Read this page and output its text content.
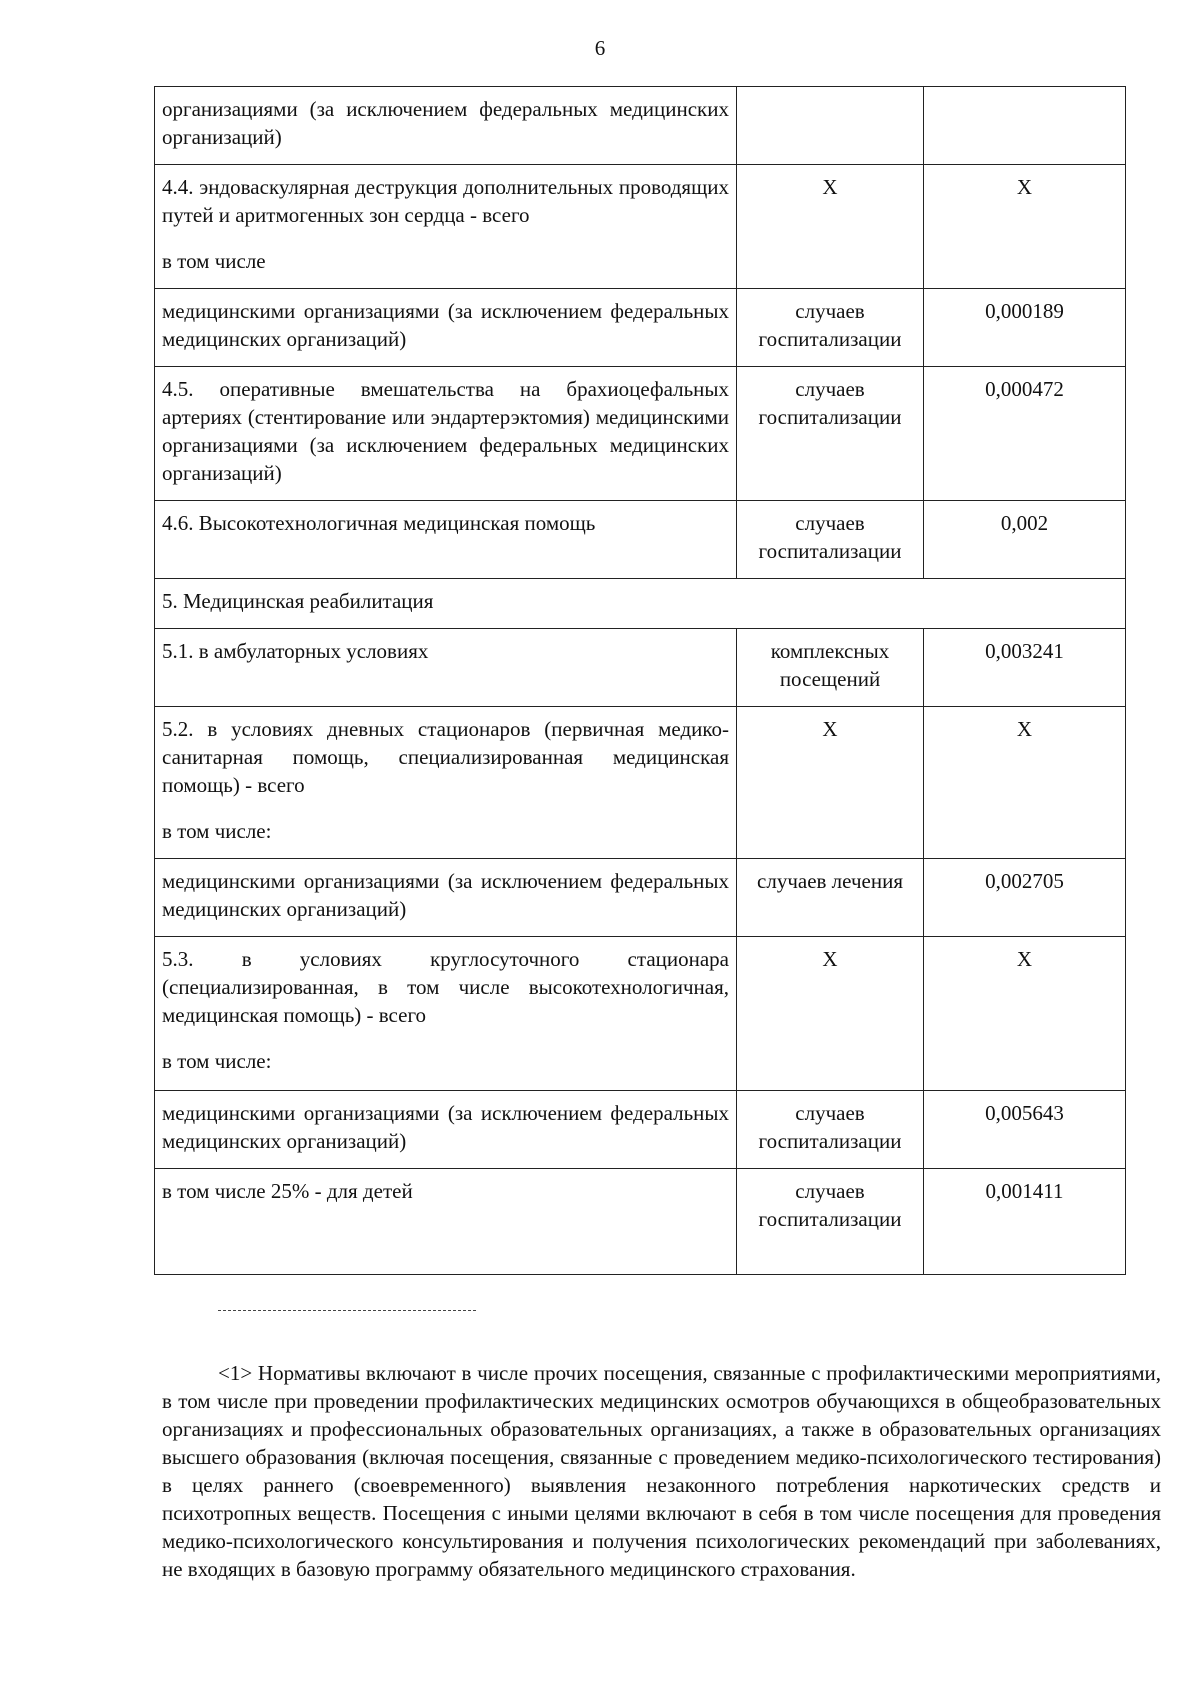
6
организациями (за исключением федеральных медицинских организаций)		

4.4. эндоваскулярная деструкция дополнительных проводящих путей и аритмогенных зон сердца - всего
в том числе	X	X
медицинскими организациями (за исключением федеральных медицинских организаций)	случаев госпитализации	0,000189
4.5. оперативные вмешательства на брахиоцефальных артериях (стентирование или эндартерэктомия) медицинскими организациями (за исключением федеральных медицинских организаций)	случаев госпитализации	0,000472
4.6. Высокотехнологичная медицинская помощь	случаев госпитализации	0,002
5. Медицинская реабилитация		
5.1. в амбулаторных условиях	комплексных посещений	0,003241

5.2. в условиях дневных стационаров (первичная медико-санитарная помощь, специализированная медицинская помощь) - всего
в том числе:	X	X
медицинскими организациями (за исключением федеральных медицинских организаций)	случаев лечения	0,002705

5.3. в условиях круглосуточного стационара (специализированная, в том числе высокотехнологичная, медицинская помощь) - всего
в том числе:	X	X
медицинскими организациями (за исключением федеральных медицинских организаций)	случаев госпитализации	0,005643
в том числе 25% - для детей	случаев госпитализации	0,001411

<1> Нормативы включают в числе прочих посещения, связанные с профилактическими мероприятиями, в том числе при проведении профилактических медицинских осмотров обучающихся в общеобразовательных организациях и профессиональных образовательных организациях, а также в образовательных организациях высшего образования (включая посещения, связанные с проведением медико-психологического тестирования) в целях раннего (своевременного) выявления незаконного потребления наркотических средств и психотропных веществ. Посещения с иными целями включают в себя в том числе посещения для проведения медико-психологического консультирования и получения психологических рекомендаций при заболеваниях, не входящих в базовую программу обязательного медицинского страхования.
